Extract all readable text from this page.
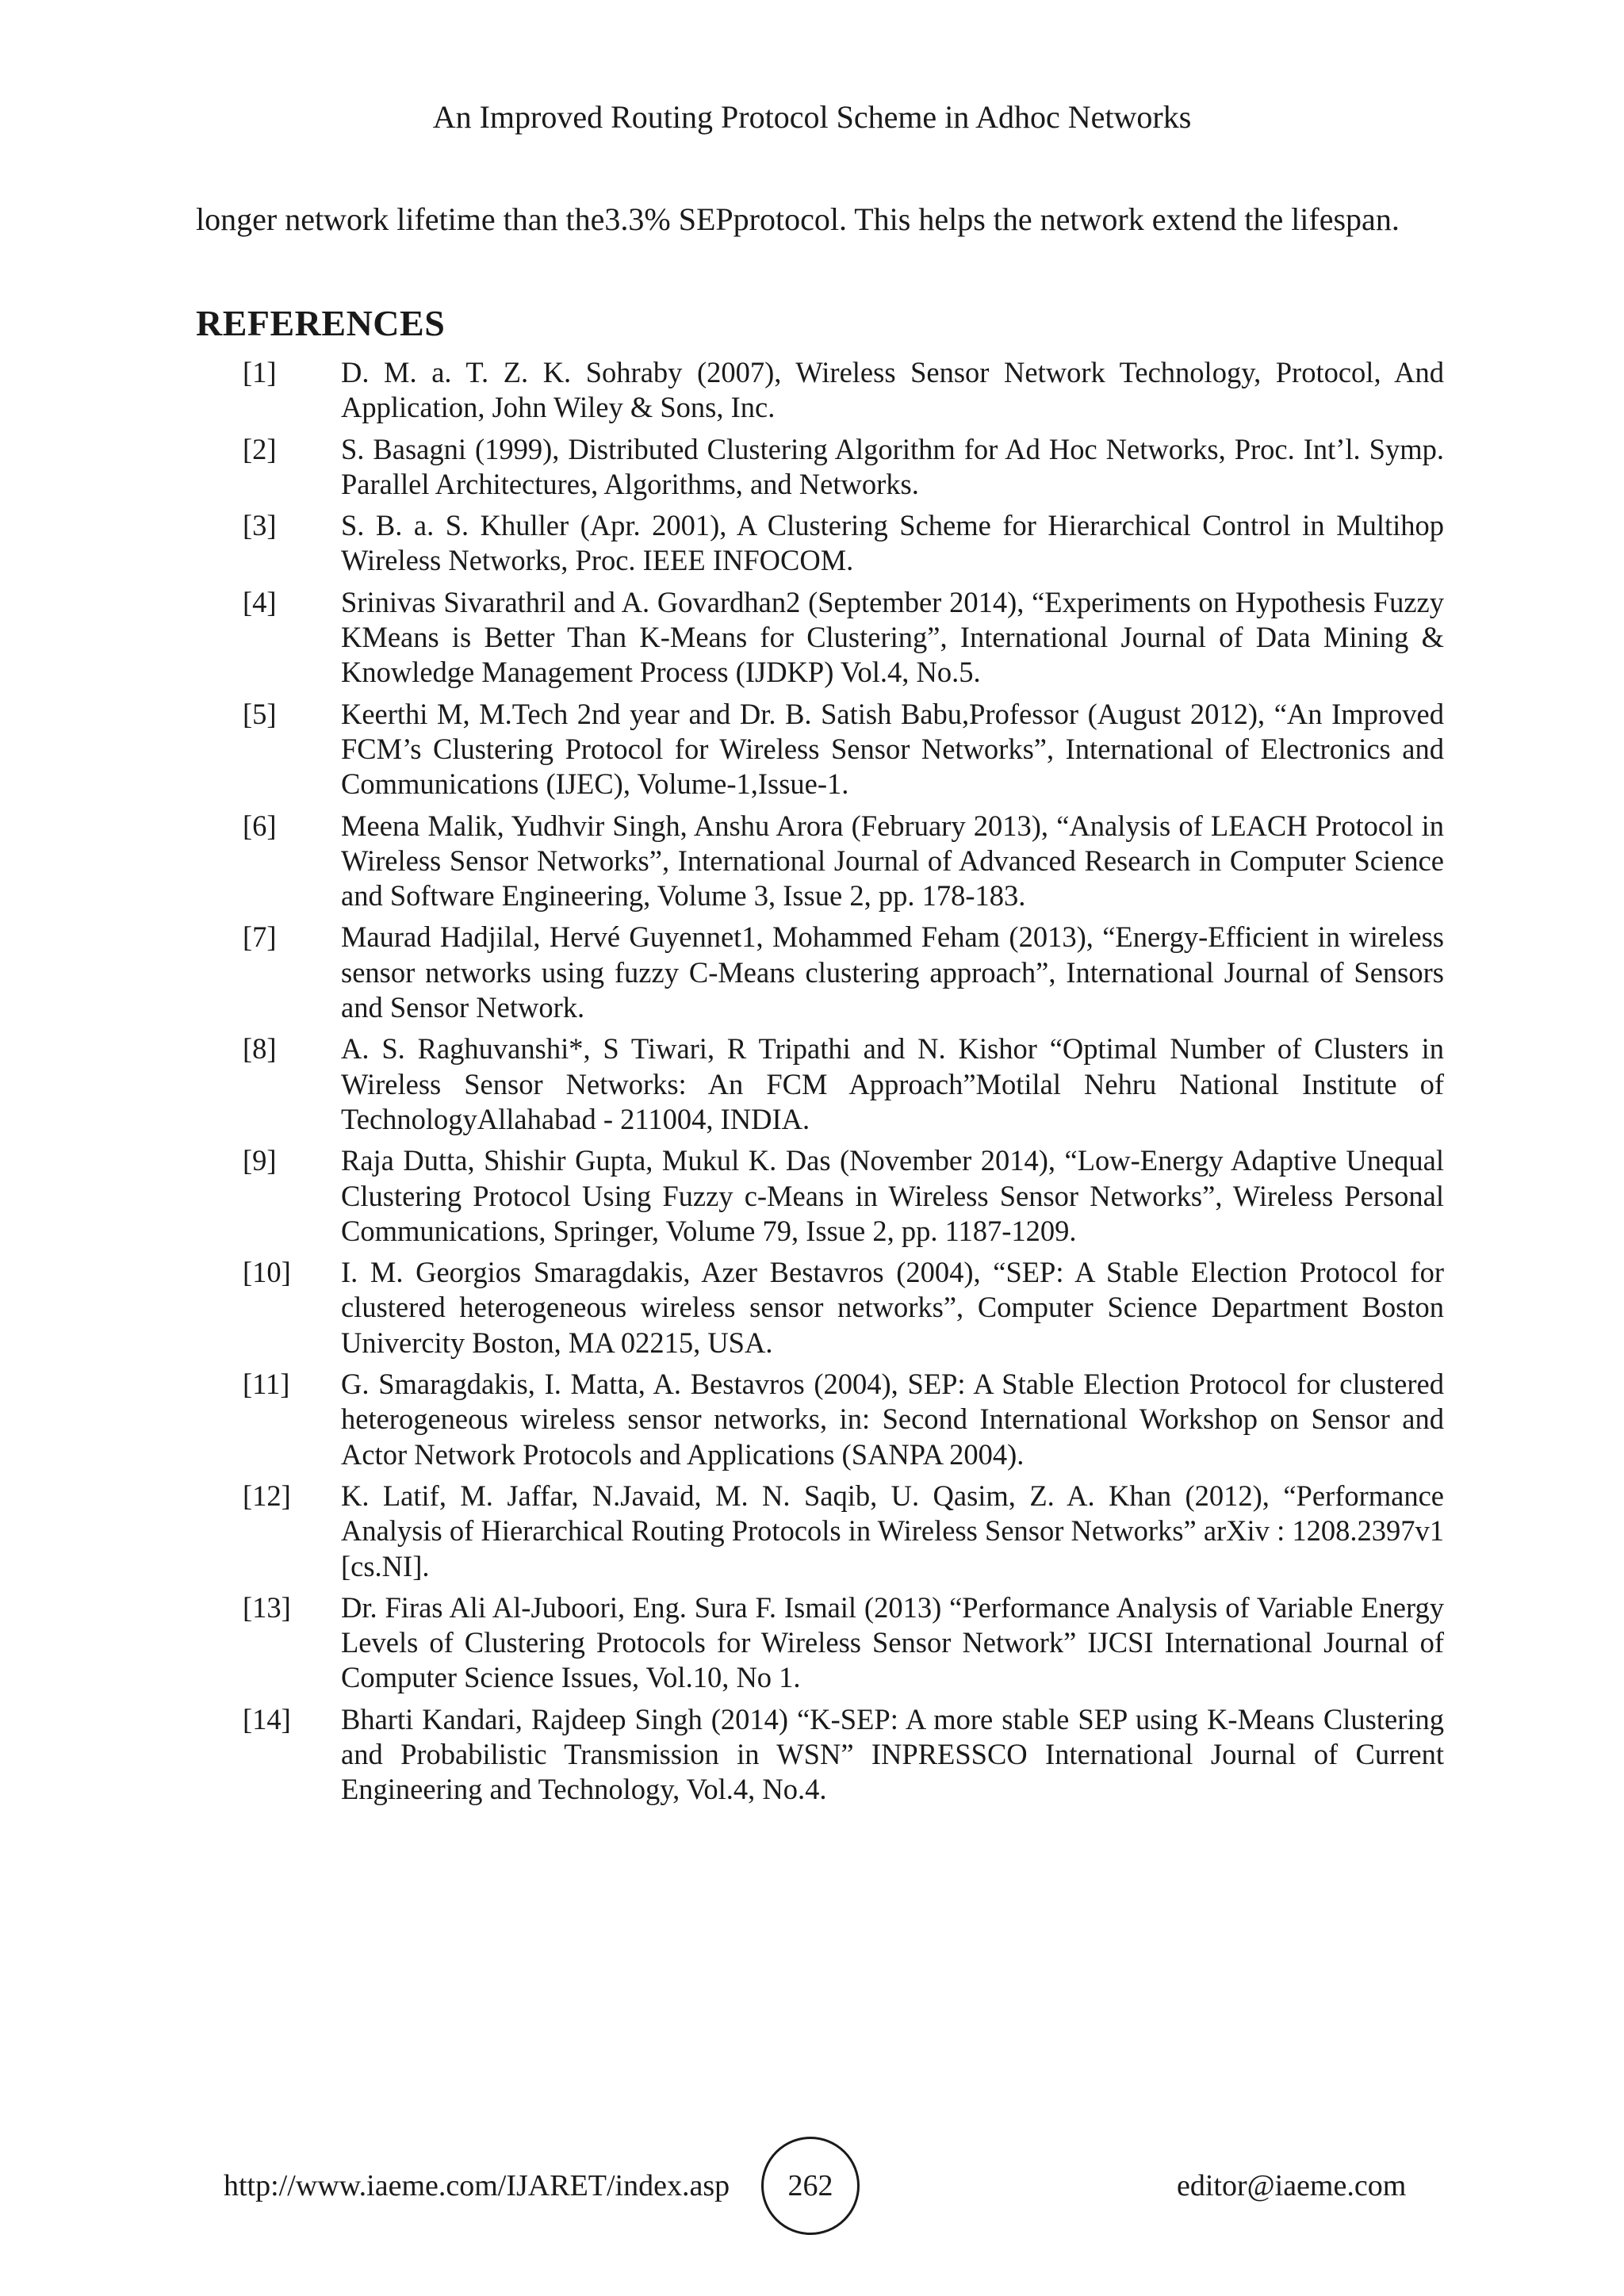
An Improved Routing Protocol Scheme in Adhoc Networks

longer network lifetime than the3.3% SEPprotocol. This helps the network extend the lifespan.

REFERENCES
[1]	D. M. a. T. Z. K. Sohraby (2007), Wireless Sensor Network Technology, Protocol, And Application, John Wiley & Sons, Inc.
[2]	S. Basagni (1999), Distributed Clustering Algorithm for Ad Hoc Networks, Proc. Int’l. Symp. Parallel Architectures, Algorithms, and Networks.
[3]	S. B. a. S. Khuller (Apr. 2001), A Clustering Scheme for Hierarchical Control in Multihop Wireless Networks, Proc. IEEE INFOCOM.
[4]	Srinivas Sivarathril and A. Govardhan2 (September 2014), “Experiments on Hypothesis Fuzzy KMeans is Better Than K-Means for Clustering”, International Journal of Data Mining & Knowledge Management Process (IJDKP) Vol.4, No.5.
[5]	Keerthi M, M.Tech 2nd year and Dr. B. Satish Babu,Professor (August 2012), “An Improved FCM’s Clustering Protocol for Wireless Sensor Networks”, International of Electronics and Communications (IJEC), Volume-1,Issue-1.
[6]	Meena Malik, Yudhvir Singh, Anshu Arora (February 2013), “Analysis of LEACH Protocol in Wireless Sensor Networks”, International Journal of Advanced Research in Computer Science and Software Engineering, Volume 3, Issue 2, pp. 178-183.
[7]	Maurad Hadjilal, Hervé Guyennet1, Mohammed Feham (2013), “Energy-Efficient in wireless sensor networks using fuzzy C-Means clustering approach”, International Journal of Sensors and Sensor Network.
[8]	A. S. Raghuvanshi*, S Tiwari, R Tripathi and N. Kishor “Optimal Number of Clusters in Wireless Sensor Networks: An FCM Approach”Motilal Nehru National Institute of TechnologyAllahabad - 211004, INDIA.
[9]	Raja Dutta, Shishir Gupta, Mukul K. Das (November 2014), “Low-Energy Adaptive Unequal Clustering Protocol Using Fuzzy c-Means in Wireless Sensor Networks”, Wireless Personal Communications, Springer, Volume 79, Issue 2, pp. 1187-1209.
[10]	I. M. Georgios Smaragdakis, Azer Bestavros (2004), “SEP: A Stable Election Protocol for clustered heterogeneous wireless sensor networks”, Computer Science Department Boston Univercity Boston, MA 02215, USA.
[11]	G. Smaragdakis, I. Matta, A. Bestavros (2004), SEP: A Stable Election Protocol for clustered heterogeneous wireless sensor networks, in: Second International Workshop on Sensor and Actor Network Protocols and Applications (SANPA 2004).
[12]	K. Latif, M. Jaffar, N.Javaid, M. N. Saqib, U. Qasim, Z. A. Khan (2012), “Performance Analysis of Hierarchical Routing Protocols in Wireless Sensor Networks” arXiv : 1208.2397v1 [cs.NI].
[13]	Dr. Firas Ali Al-Juboori, Eng. Sura F. Ismail (2013) “Performance Analysis of Variable Energy Levels of Clustering Protocols for Wireless Sensor Network” IJCSI International Journal of Computer Science Issues, Vol.10, No 1.
[14]	Bharti Kandari, Rajdeep Singh (2014) “K-SEP: A more stable SEP using K-Means Clustering and Probabilistic Transmission in WSN” INPRESSCO International Journal of Current Engineering and Technology, Vol.4, No.4.
http://www.iaeme.com/IJARET/index.asp 262	editor@iaeme.com
